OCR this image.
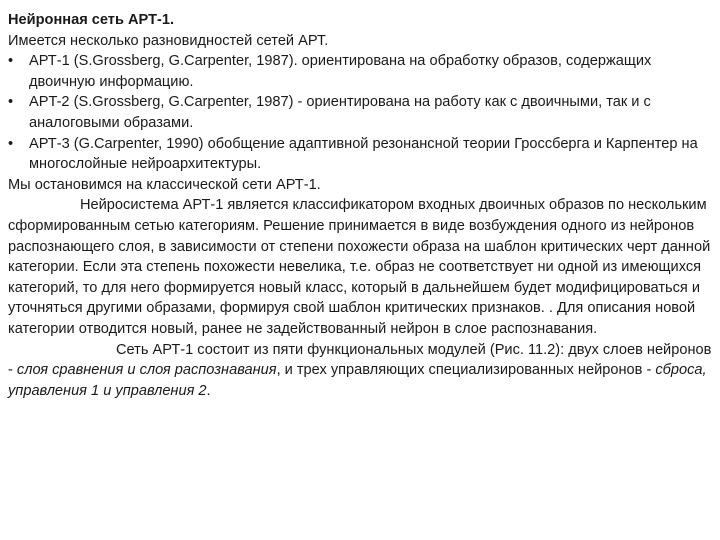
Нейронная сеть АРТ-1.

Имеется несколько разновидностей сетей АРТ.

•	АРТ-1 (S.Grossberg, G.Carpenter, 1987). ориентирована на обработку образов, содержащих двоичную информацию.
•	AРT-2 (S.Grossberg, G.Carpenter, 1987) - ориентирована на работу как с двоичными, так и с аналоговыми образами.
•	АРТ-3 (G.Carpenter, 1990) обобщение адаптивной резонансной теории Гроссберга и Карпентер на многослойные нейроархитектуры.

Мы остановимся на классической сети АРТ-1.

Нейросистема АРТ-1 является классификатором входных двоичных образов по нескольким сформированным сетью категориям. Решение принимается в виде возбуждения одного из нейронов распознающего слоя, в зависимости от степени похожести образа на шаблон критических черт данной категории. Если эта степень похожести невелика, т.е. образ не соответствует ни одной из имеющихся категорий, то для него формируется новый класс, который в дальнейшем будет модифицироваться и уточняться другими образами, формируя свой шаблон критических признаков. . Для описания новой категории отводится новый, ранее не задействованный нейрон в слое распознавания.

Сеть АРТ-1 состоит из пяти функциональных модулей (Рис. 11.2): двух слоев нейронов - слоя сравнения и слоя распознавания, и трех управляющих специализированных нейронов - сброса, управления 1 и управления 2.
